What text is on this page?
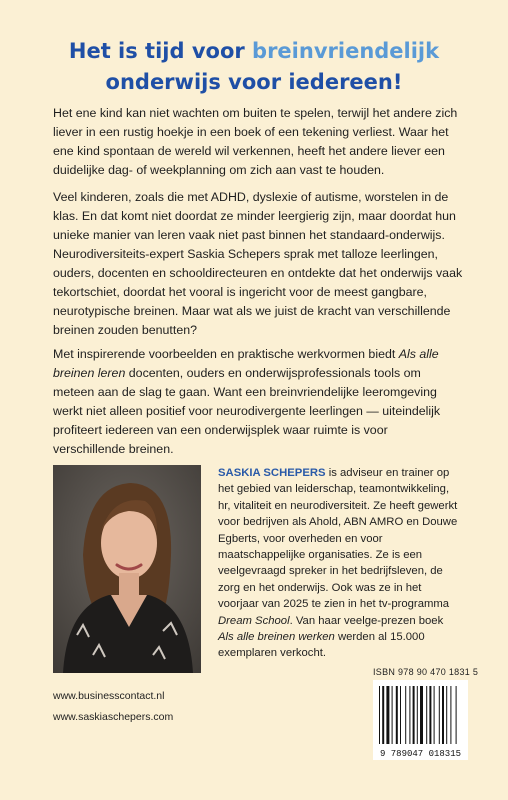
Het is tijd voor breinvriendelijk
onderwijs voor iedereen!

Het ene kind kan niet wachten om buiten te spelen, terwijl het andere zich liever in een rustig hoekje in een boek of een tekening verliest. Waar het ene kind spontaan de wereld wil verkennen, heeft het andere liever een duidelijke dag- of weekplanning om zich aan vast te houden.

Veel kinderen, zoals die met ADHD, dyslexie of autisme, worstelen in de klas. En dat komt niet doordat ze minder leergierig zijn, maar doordat hun unieke manier van leren vaak niet past binnen het standaard-onderwijs. Neurodiversiteits-expert Saskia Schepers sprak met talloze leerlingen, ouders, docenten en schooldirecteuren en ontdekte dat het onderwijs vaak tekortschiet, doordat het vooral is ingericht voor de meest gangbare, neurotypische breinen. Maar wat als we juist de kracht van verschillende breinen zouden benutten?

Met inspirerende voorbeelden en praktische werkvormen biedt Als alle breinen leren docenten, ouders en onderwijsprofessionals tools om meteen aan de slag te gaan. Want een breinvriendelijke leeromgeving werkt niet alleen positief voor neurodivergente leerlingen — uiteindelijk profiteert iedereen van een onderwijsplek waar ruimte is voor verschillende breinen.

SASKIA SCHEPERS is adviseur en trainer op het gebied van leiderschap, teamontwikkeling, hr, vitaliteit en neurodiversiteit. Ze heeft gewerkt voor bedrijven als Ahold, ABN AMRO en Douwe Egberts, voor overheden en voor maatschappelijke organisaties. Ze is een veelgevraagd spreker in het bedrijfsleven, de zorg en het onderwijs. Ook was ze in het voorjaar van 2025 te zien in het tv-programma Dream School. Van haar veelge-prezen boek Als alle breinen werken werden al 15.000 exemplaren verkocht.

ISBN 978 90 470 1831 5
www.businesscontact.nl
www.saskiaschepers.com
9 789047 018315
